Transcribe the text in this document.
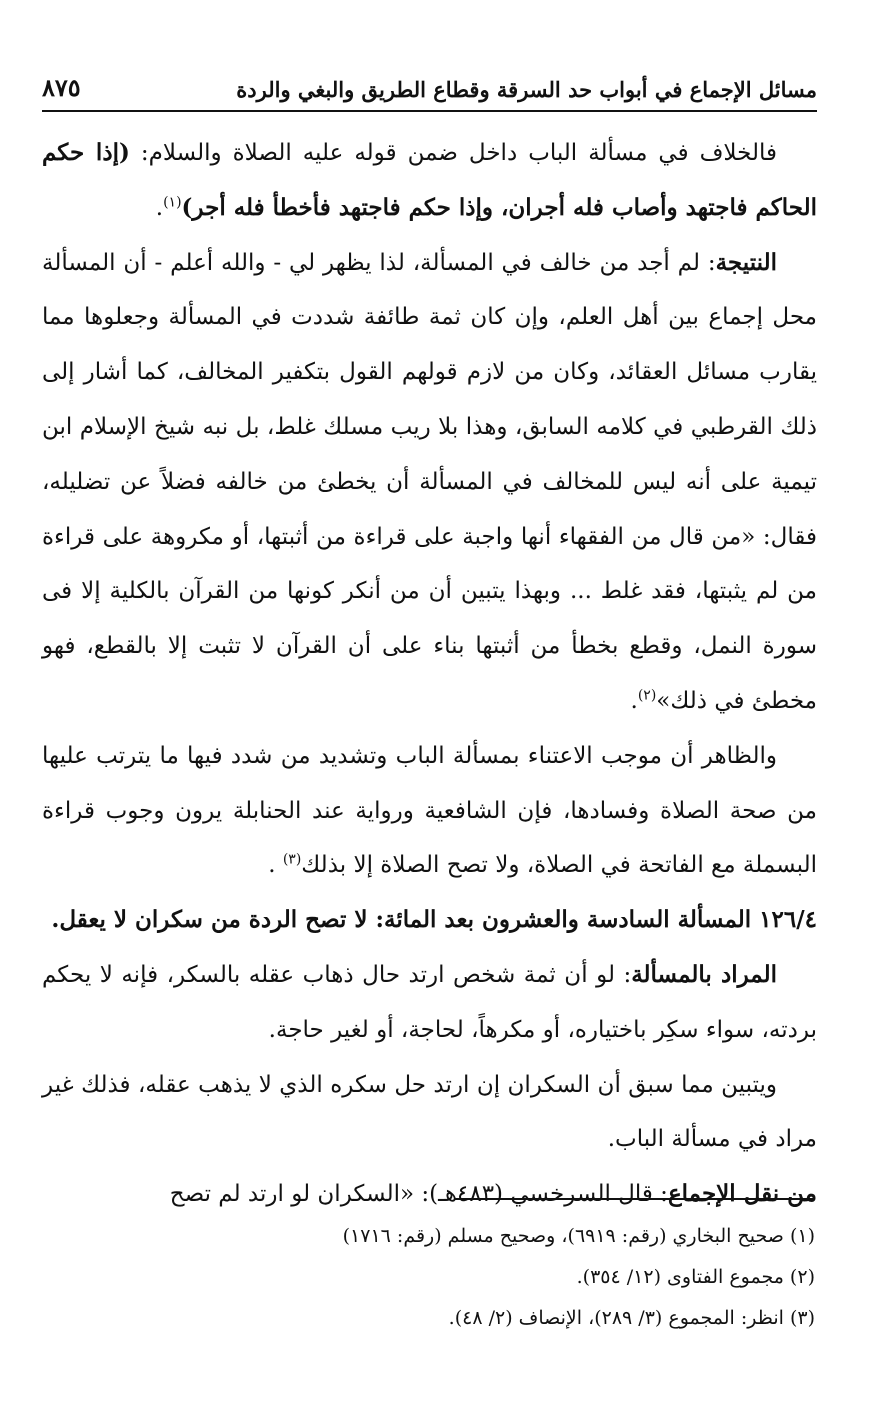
مسائل الإجماع في أبواب حد السرقة وقطاع الطريق والبغي والردة
٨٧٥

فالخلاف في مسألة الباب داخل ضمن قوله عليه الصلاة والسلام: (إذا حكم الحاكم فاجتهد وأصاب فله أجران، وإذا حكم فاجتهد فأخطأ فله أجر)$^{(١)}$.

النتيجة: لم أجد من خالف في المسألة، لذا يظهر لي - والله أعلم - أن المسألة محل إجماع بين أهل العلم، وإن كان ثمة طائفة شددت في المسألة وجعلوها مما يقارب مسائل العقائد، وكان من لازم قولهم القول بتكفير المخالف، كما أشار إلى ذلك القرطبي في كلامه السابق، وهذا بلا ريب مسلك غلط، بل نبه شيخ الإسلام ابن تيمية على أنه ليس للمخالف في المسألة أن يخطئ من خالفه فضلاً عن تضليله، فقال: «من قال من الفقهاء أنها واجبة على قراءة من أثبتها، أو مكروهة على قراءة من لم يثبتها، فقد غلط ... وبهذا يتبين أن من أنكر كونها من القرآن بالكلية إلا فى سورة النمل، وقطع بخطأ من أثبتها بناء على أن القرآن لا تثبت إلا بالقطع، فهو مخطئ في ذلك»$^{(٢)}$.

والظاهر أن موجب الاعتناء بمسألة الباب وتشديد من شدد فيها ما يترتب عليها من صحة الصلاة وفسادها، فإن الشافعية ورواية عند الحنابلة يرون وجوب قراءة البسملة مع الفاتحة في الصلاة، ولا تصح الصلاة إلا بذلك$^{(٣)}$ .

١٢٦/٤ المسألة السادسة والعشرون بعد المائة: لا تصح الردة من سكران لا يعقل.

المراد بالمسألة: لو أن ثمة شخص ارتد حال ذهاب عقله بالسكر، فإنه لا يحكم بردته، سواء سكِر باختياره، أو مكرهاً، لحاجة، أو لغير حاجة.

ويتبين مما سبق أن السكران إن ارتد حل سكره الذي لا يذهب عقله، فذلك غير مراد في مسألة الباب.

من نقل الإجماع: قال السرخسي (٤٨٣هـ): «السكران لو ارتد لم تصح

(١) صحيح البخاري (رقم: ٦٩١٩)، وصحيح مسلم (رقم: ١٧١٦)

(٢) مجموع الفتاوى (١٢/ ٣٥٤).

(٣) انظر: المجموع (٣/ ٢٨٩)، الإنصاف (٢/ ٤٨).
